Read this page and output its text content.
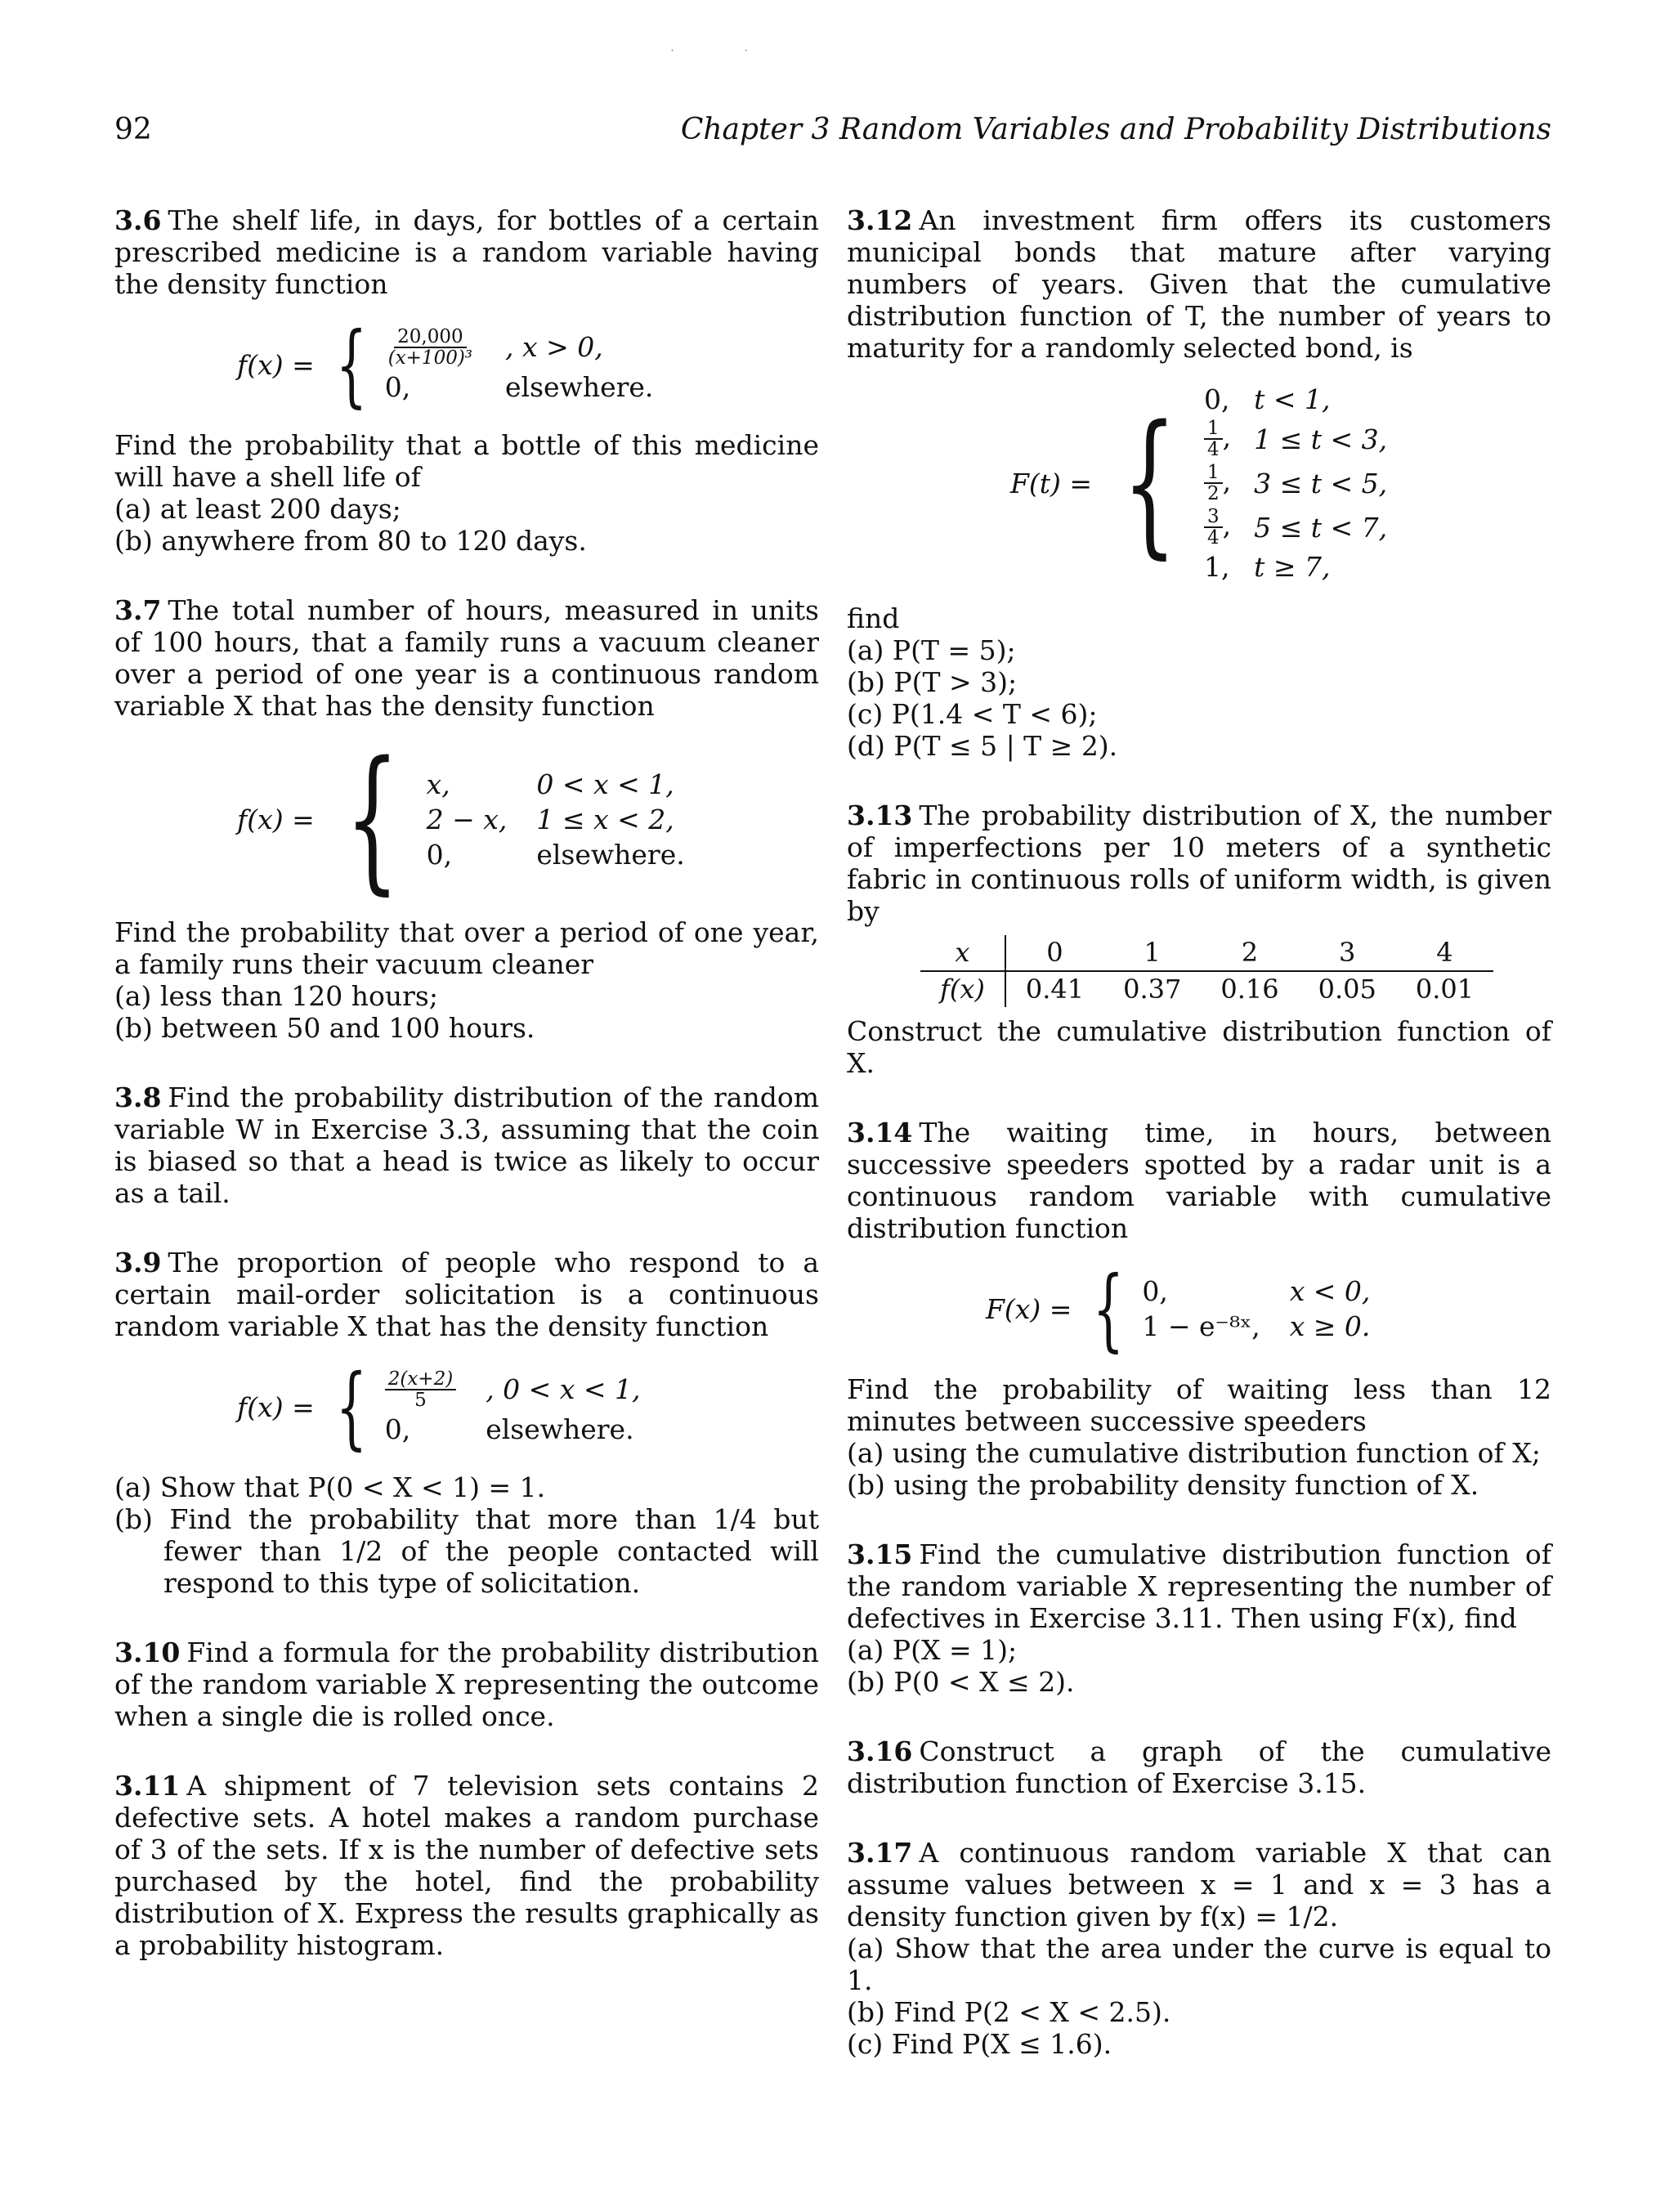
· ·
92	Chapter 3 Random Variables and Probability Distributions

3.6 The shelf life, in days, for bottles of a certain prescribed medicine is a random variable having the density function

f(x) = { $\frac{20,000}{\text{(x+100)³}}$ , x > 0,
0,	elsewhere.

Find the probability that a bottle of this medicine will have a shell life of

(a) at least 200 days;

(b) anywhere from 80 to 120 days.

3.7 The total number of hours, measured in units of 100 hours, that a family runs a vacuum cleaner over a period of one year is a continuous random variable X that has the density function

f(x) = { x,	0 < x < 1,
2 − x, 1 ≤ x < 2,
0,	elsewhere.

Find the probability that over a period of one year, a family runs their vacuum cleaner

(a) less than 120 hours;

(b) between 50 and 100 hours.

3.8 Find the probability distribution of the random variable W in Exercise 3.3, assuming that the coin is biased so that a head is twice as likely to occur as a tail.

3.9 The proportion of people who respond to a certain mail-order solicitation is a continuous random variable X that has the density function

f(x) = { $\frac{2(x+2)}{5}$ , 0 < x < 1,
0,	elsewhere.

(a) Show that P(0 < X < 1) = 1.

(b) Find the probability that more than 1/4 but fewer than 1/2 of the people contacted will respond to this type of solicitation.

3.10 Find a formula for the probability distribution of the random variable X representing the outcome when a single die is rolled once.

3.11 A shipment of 7 television sets contains 2 defective sets. A hotel makes a random purchase of 3 of the sets. If x is the number of defective sets purchased by the hotel, find the probability distribution of X. Express the results graphically as a probability histogram.

3.12 An investment firm offers its customers municipal bonds that mature after varying numbers of years. Given that the cumulative distribution function of T, the number of years to maturity for a randomly selected bond, is

F(t) = { 0, t < 1,
$\frac{1}{4}$ , 1 ≤ t < 3,
$\frac{1}{2}$ , 3 ≤ t < 5,
$\frac{3}{4}$ , 5 ≤ t < 7,
1, t ≥ 7,

find

(a) P(T = 5);

(b) P(T > 3);

(c) P(1.4 < T < 6);

(d) P(T ≤ 5 | T ≥ 2).

3.13 The probability distribution of X, the number of imperfections per 10 meters of a synthetic fabric in continuous rolls of uniform width, is given by

x	0	1	2	3	4
f(x)	0.41	0.37	0.16	0.05	0.01

Construct the cumulative distribution function of X.

3.14 The waiting time, in hours, between successive speeders spotted by a radar unit is a continuous random variable with cumulative distribution function

F(x) = { 0,	x < 0,
1 − e⁻⁸ˣ, x ≥ 0.

Find the probability of waiting less than 12 minutes between successive speeders

(a) using the cumulative distribution function of X;

(b) using the probability density function of X.

3.15 Find the cumulative distribution function of the random variable X representing the number of defectives in Exercise 3.11. Then using F(x), find

(a) P(X = 1);

(b) P(0 < X ≤ 2).

3.16 Construct a graph of the cumulative distribution function of Exercise 3.15.

3.17 A continuous random variable X that can assume values between x = 1 and x = 3 has a density function given by f(x) = 1/2.

(a) Show that the area under the curve is equal to 1.

(b) Find P(2 < X < 2.5).

(c) Find P(X ≤ 1.6).
